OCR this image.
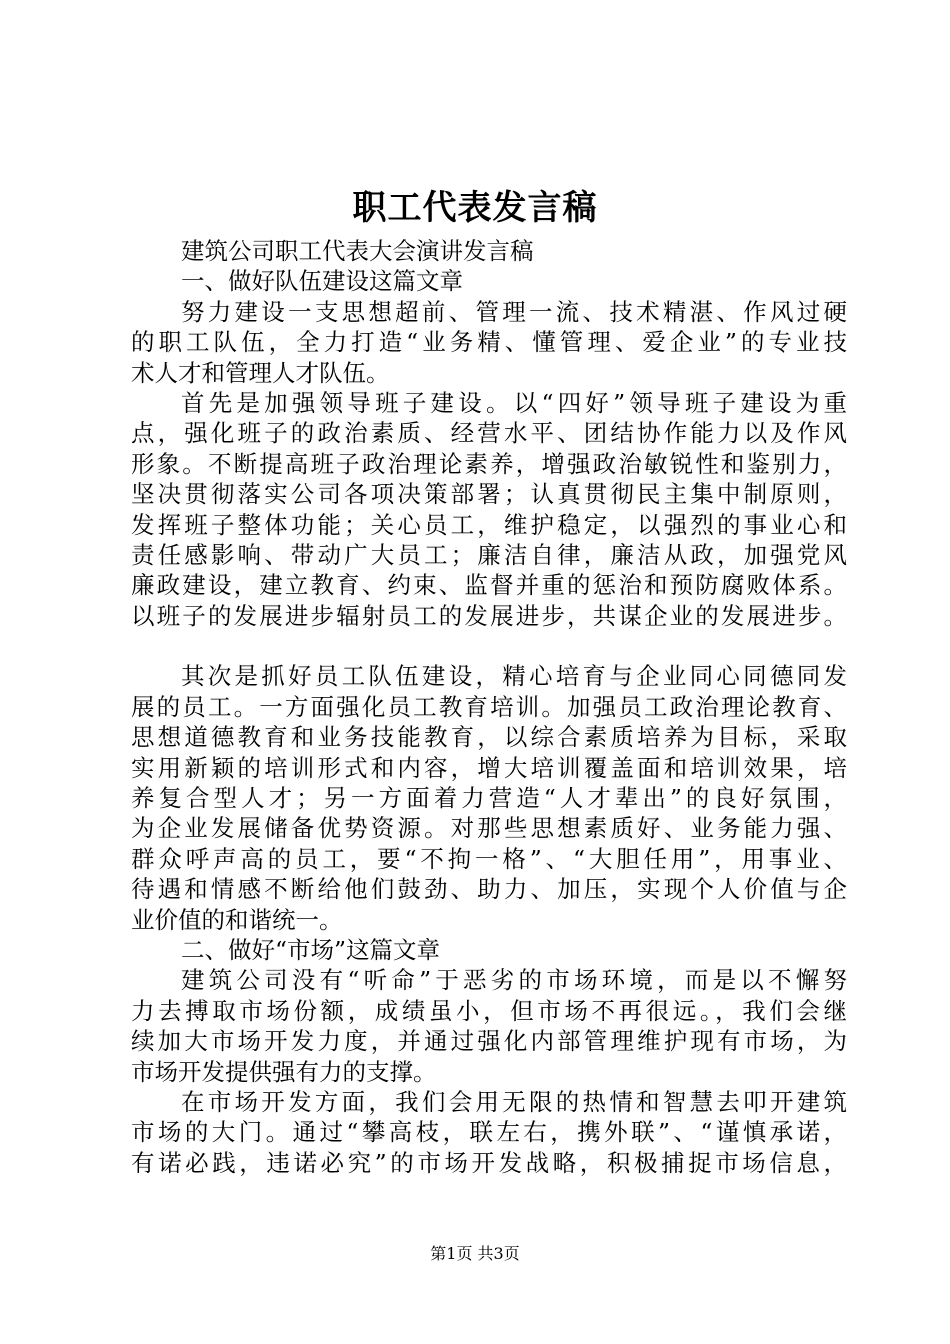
职工代表发言稿
建筑公司职工代表大会演讲发言稿
一、做好队伍建设这篇文章
努力建设一支思想超前、管理一流、技术精湛、作风过硬
的职工队伍，全力打造“业务精、懂管理、爱企业”的专业技
术人才和管理人才队伍。
首先是加强领导班子建设。以“四好”领导班子建设为重
点，强化班子的政治素质、经营水平、团结协作能力以及作风
形象。不断提高班子政治理论素养，增强政治敏锐性和鉴别力，
坚决贯彻落实公司各项决策部署；认真贯彻民主集中制原则，
发挥班子整体功能；关心员工，维护稳定，以强烈的事业心和
责任感影响、带动广大员工；廉洁自律，廉洁从政，加强党风
廉政建设，建立教育、约束、监督并重的惩治和预防腐败体系。
以班子的发展进步辐射员工的发展进步，共谋企业的发展进步。
其次是抓好员工队伍建设，精心培育与企业同心同德同发
展的员工。一方面强化员工教育培训。加强员工政治理论教育、
思想道德教育和业务技能教育，以综合素质培养为目标，采取
实用新颖的培训形式和内容，增大培训覆盖面和培训效果，培
养复合型人才；另一方面着力营造“人才辈出”的良好氛围，
为企业发展储备优势资源。对那些思想素质好、业务能力强、
群众呼声高的员工，要“不拘一格”、“大胆任用”，用事业、
待遇和情感不断给他们鼓劲、助力、加压，实现个人价值与企
业价值的和谐统一。
二、做好“市场”这篇文章
建筑公司没有“听命”于恶劣的市场环境，而是以不懈努
力去搏取市场份额，成绩虽小，但市场不再很远。，我们会继
续加大市场开发力度，并通过强化内部管理维护现有市场，为
市场开发提供强有力的支撑。
在市场开发方面，我们会用无限的热情和智慧去叩开建筑
市场的大门。通过“攀高枝，联左右，携外联”、“谨慎承诺，
有诺必践，违诺必究”的市场开发战略，积极捕捉市场信息，
第1页 共3页
